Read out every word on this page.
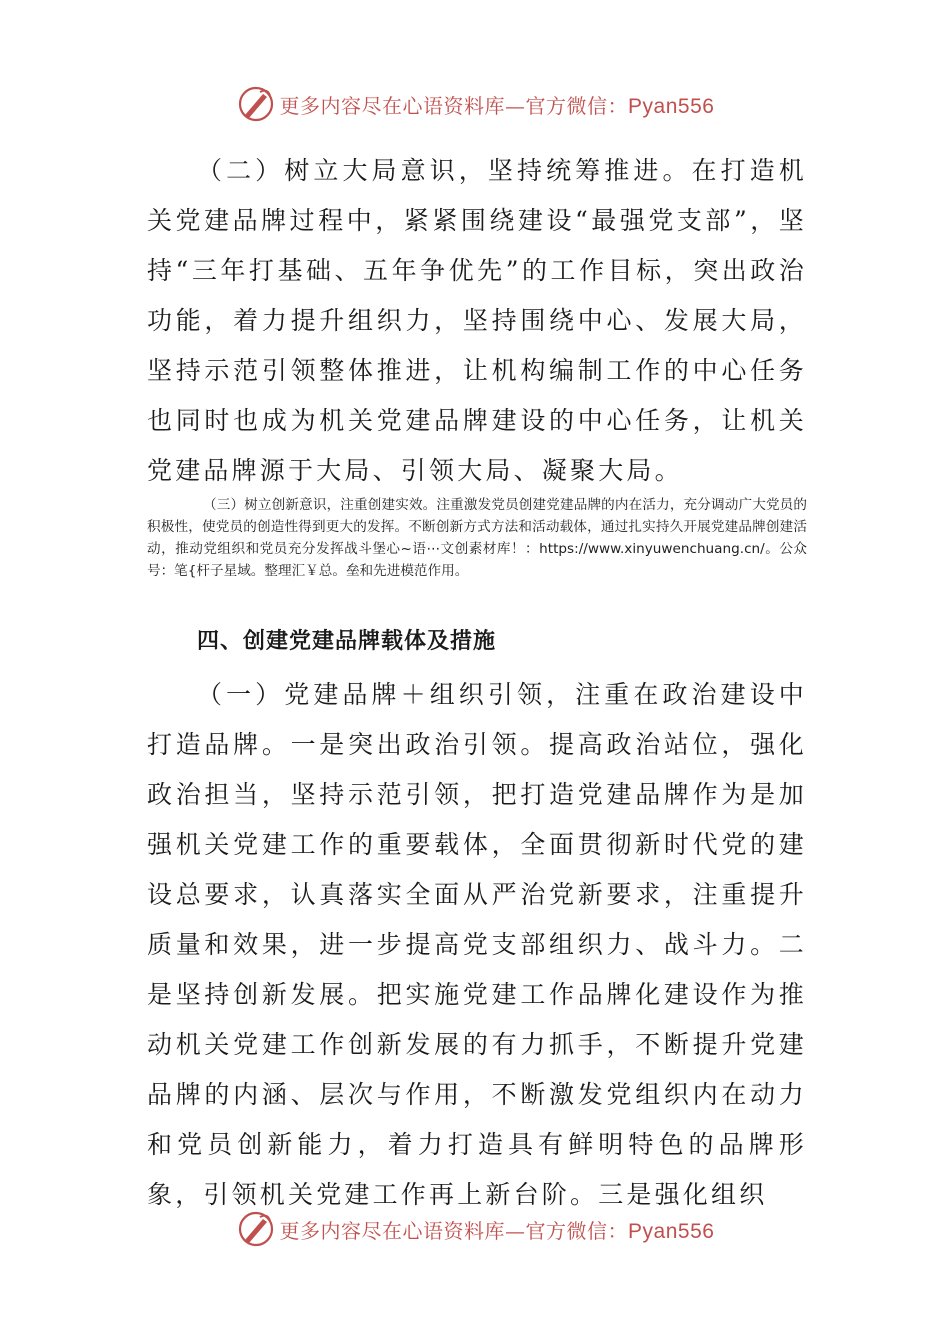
更多内容尽在心语资料库—官方微信：Pyan556

（二）树立大局意识，坚持统筹推进。在打造机关党建品牌过程中，紧紧围绕建设“最强党支部”，坚持“三年打基础、五年争优先”的工作目标，突出政治功能，着力提升组织力，坚持围绕中心、发展大局，坚持示范引领整体推进，让机构编制工作的中心任务也同时也成为机关党建品牌建设的中心任务，让机关党建品牌源于大局、引领大局、凝聚大局。

（三）树立创新意识，注重创建实效。注重激发党员创建党建品牌的内在活力，充分调动广大党员的积极性，使党员的创造性得到更大的发挥。不断创新方式方法和活动载体，通过扎实持久开展党建品牌创建活动，推动党组织和党员充分发挥战斗堡心~语⋯文创素材库！：https://www.xinyuwenchuang.cn/。公众号：笔{杆子星域。整理汇￥总。垒和先进模范作用。

四、创建党建品牌载体及措施

（一）党建品牌＋组织引领，注重在政治建设中打造品牌。一是突出政治引领。提高政治站位，强化政治担当，坚持示范引领，把打造党建品牌作为是加强机关党建工作的重要载体，全面贯彻新时代党的建设总要求，认真落实全面从严治党新要求，注重提升质量和效果，进一步提高党支部组织力、战斗力。二是坚持创新发展。把实施党建工作品牌化建设作为推动机关党建工作创新发展的有力抓手，不断提升党建品牌的内涵、层次与作用，不断激发党组织内在动力和党员创新能力，着力打造具有鲜明特色的品牌形象，引领机关党建工作再上新台阶。三是强化组织

更多内容尽在心语资料库—官方微信：Pyan556
